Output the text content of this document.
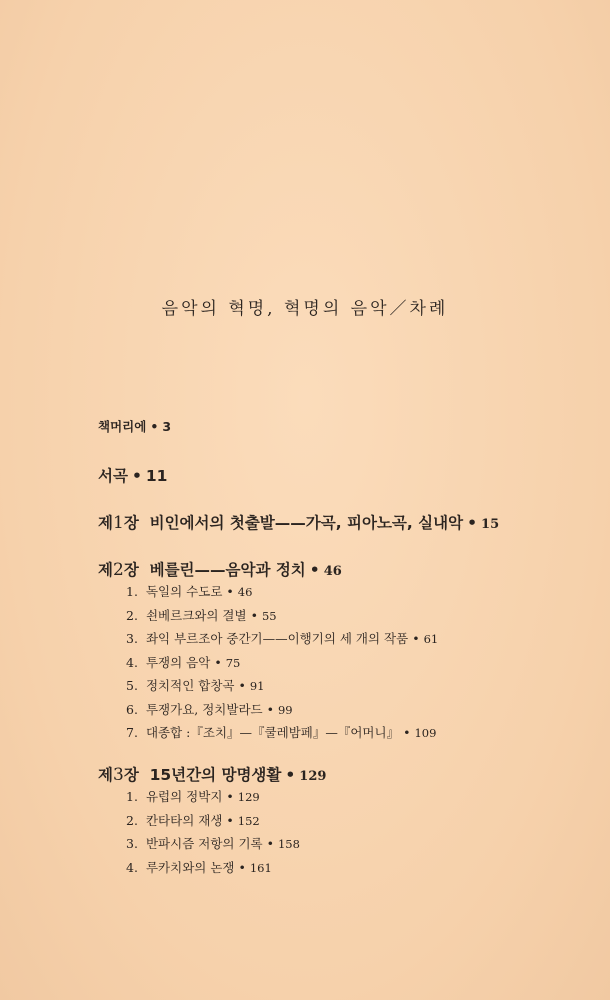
음악의 혁명, 혁명의 음악／차례
책머리에 • 3
서곡 • 11
제1장 비인에서의 첫출발——가곡, 피아노곡, 실내악 • 15
제2장 베를린——음악과 정치 • 46
1. 독일의 수도로 • 46
2. 쇤베르크와의 결별 • 55
3. 좌익 부르조아 중간기——이행기의 세 개의 작품 • 61
4. 투쟁의 음악 • 75
5. 정치적인 합창곡 • 91
6. 투쟁가요, 정치발라드 • 99
7. 대종합 :『조치』—『쿨레밤페』—『어머니』 • 109
제3장 15년간의 망명생활 • 129
1. 유럽의 정박지 • 129
2. 칸타타의 재생 • 152
3. 반파시즘 저항의 기록 • 158
4. 루카치와의 논쟁 • 161
